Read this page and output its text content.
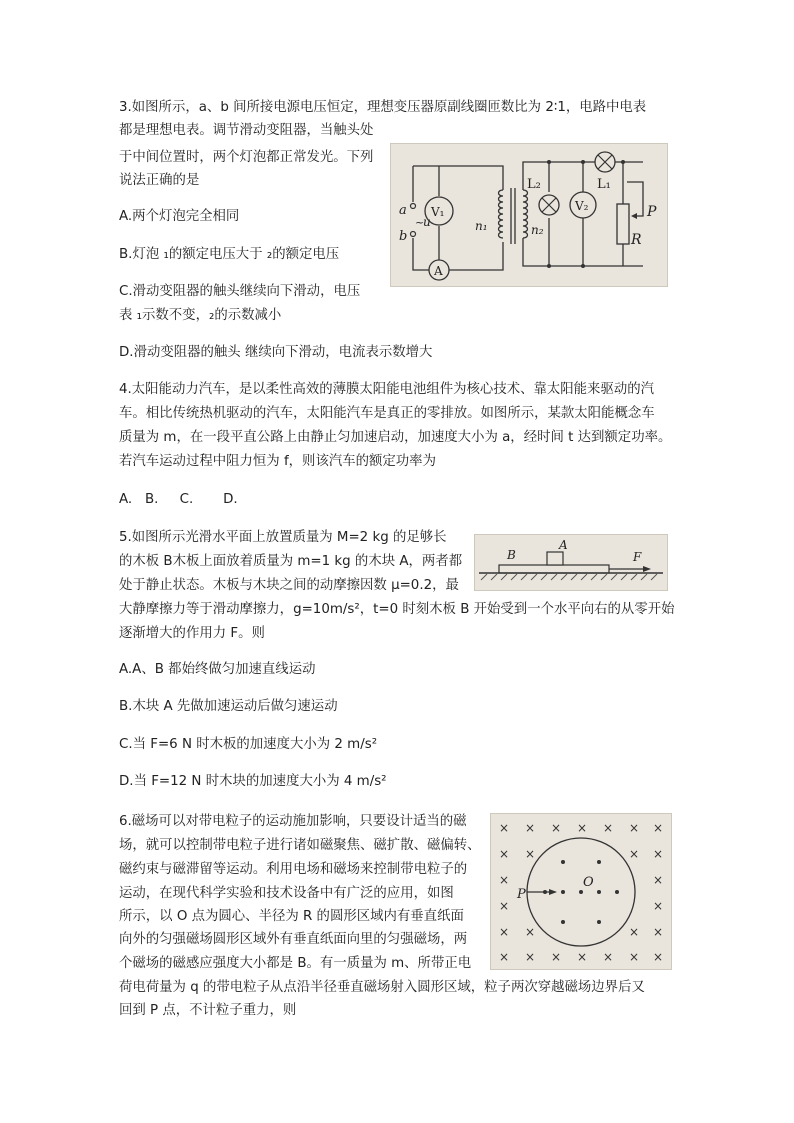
3.如图所示，a、b 间所接电源电压恒定，理想变压器原副线圈匝数比为 2∶1，电路中电表
都是理想电表。调节滑动变阻器，当触头处
于中间位置时，两个灯泡都正常发光。下列
说法正确的是
A.两个灯泡完全相同
B.灯泡 ₁的额定电压大于 ₂的额定电压
C.滑动变阻器的触头继续向下滑动，电压
表 ₁示数不变，₂的示数减小
D.滑动变阻器的触头 继续向下滑动，电流表示数增大
a
b
~
u
V₁
A
n₁	n₂
V₂
L₂	L₁
P
R
4.太阳能动力汽车，是以柔性高效的薄膜太阳能电池组件为核心技术、靠太阳能来驱动的汽
车。相比传统热机驱动的汽车，太阳能汽车是真正的零排放。如图所示，某款太阳能概念车
质量为 m，在一段平直公路上由静止匀加速启动，加速度大小为 a，经时间 t 达到额定功率。
若汽车运动过程中阻力恒为 f，则该汽车的额定功率为
A.   B.     C.       D.
5.如图所示光滑水平面上放置质量为 M=2 kg 的足够长
的木板 B木板上面放着质量为 m=1 kg 的木块 A，两者都
处于静止状态。木板与木块之间的动摩擦因数 μ=0.2，最
大静摩擦力等于滑动摩擦力，g=10m/s²，t=0 时刻木板 B 开始受到一个水平向右的从零开始
逐渐增大的作用力 F。则
A.A、B 都始终做匀加速直线运动
B.木块 A 先做加速运动后做匀速运动
C.当 F=6 N 时木板的加速度大小为 2 m/s²
D.当 F=12 N 时木块的加速度大小为 4 m/s²
B
A
F
6.磁场可以对带电粒子的运动施加影响，只要设计适当的磁
场，就可以控制带电粒子进行诸如磁聚焦、磁扩散、磁偏转、
磁约束与磁滞留等运动。利用电场和磁场来控制带电粒子的
运动，在现代科学实验和技术设备中有广泛的应用，如图
所示，以 O 点为圆心、半径为 R 的圆形区域内有垂直纸面
向外的匀强磁场圆形区域外有垂直纸面向里的匀强磁场，两
个磁场的磁感应强度大小都是 B。有一质量为 m、所带正电
荷电荷量为 q 的带电粒子从点沿半径垂直磁场射入圆形区域，粒子两次穿越磁场边界后又
回到 P 点，不计粒子重力，则
× × × × × × ×
× ×	× ×
×	×
×	×
× ×	× ×
× × × × × × ×
P
O
